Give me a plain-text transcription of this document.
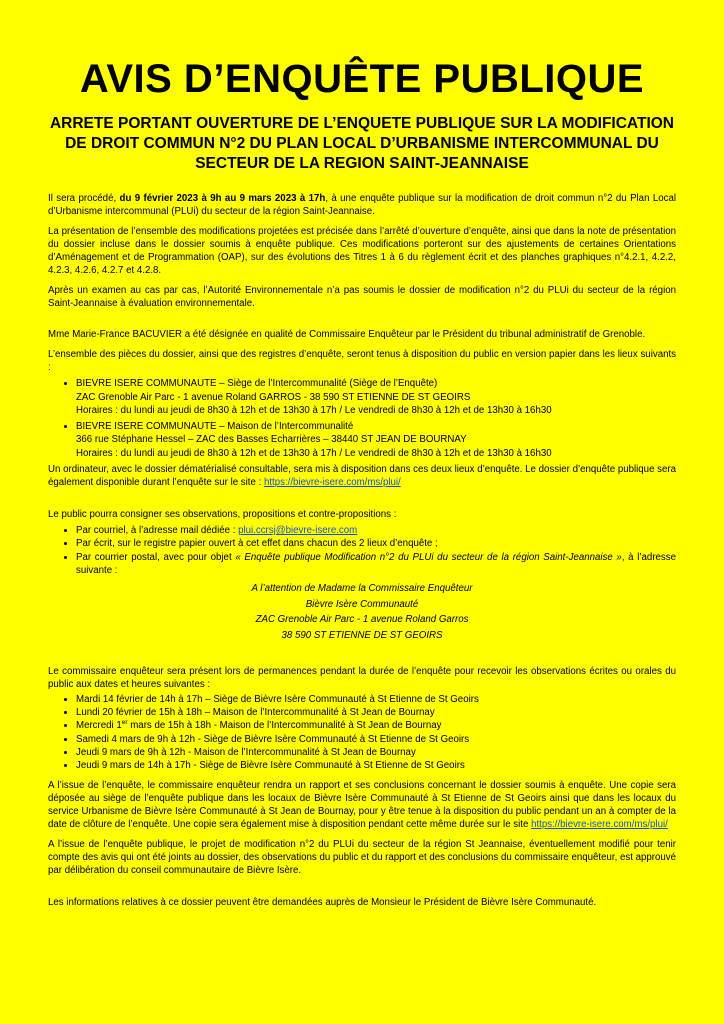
AVIS D’ENQUÊTE PUBLIQUE
ARRETE PORTANT OUVERTURE DE L’ENQUETE PUBLIQUE SUR LA MODIFICATION DE DROIT COMMUN N°2 DU PLAN LOCAL D’URBANISME INTERCOMMUNAL DU SECTEUR DE LA REGION SAINT-JEANNAISE

Il sera procédé, du 9 février 2023 à 9h au 9 mars 2023 à 17h, à une enquête publique sur la modification de droit commun n°2 du Plan Local d’Urbanisme intercommunal (PLUi) du secteur de la région Saint-Jeannaise.

La présentation de l’ensemble des modifications projetées est précisée dans l’arrêté d’ouverture d’enquête, ainsi que dans la note de présentation du dossier incluse dans le dossier soumis à enquête publique. Ces modifications porteront sur des ajustements de certaines Orientations d’Aménagement et de Programmation (OAP), sur des évolutions des Titres 1 à 6 du règlement écrit et des planches graphiques n°4.2.1, 4.2.2, 4.2.3, 4.2.6, 4.2.7 et 4.2.8.

Après un examen au cas par cas, l’Autorité Environnementale n’a pas soumis le dossier de modification n°2 du PLUi du secteur de la région Saint-Jeannaise à évaluation environnementale.

Mme Marie-France BACUVIER a été désignée en qualité de Commissaire Enquêteur par le Président du tribunal administratif de Grenoble.

L’ensemble des pièces du dossier, ainsi que des registres d’enquête, seront tenus à disposition du public en version papier dans les lieux suivants :

• BIEVRE ISERE COMMUNAUTE – Siège de l’Intercommunalité (Siège de l’Enquête)
ZAC Grenoble Air Parc - 1 avenue Roland GARROS - 38 590 ST ETIENNE DE ST GEOIRS
Horaires : du lundi au jeudi de 8h30 à 12h et de 13h30 à 17h / Le vendredi de 8h30 à 12h et de 13h30 à 16h30
• BIEVRE ISERE COMMUNAUTE – Maison de l’Intercommunalité
366 rue Stéphane Hessel – ZAC des Basses Echarrières – 38440 ST JEAN DE BOURNAY
Horaires : du lundi au jeudi de 8h30 à 12h et de 13h30 à 17h / Le vendredi de 8h30 à 12h et de 13h30 à 16h30

Un ordinateur, avec le dossier dématérialisé consultable, sera mis à disposition dans ces deux lieux d’enquête. Le dossier d’enquête publique sera également disponible durant l’enquête sur le site : https://bievre-isere.com/ms/plui/

Le public pourra consigner ses observations, propositions et contre-propositions :

• Par courriel, à l’adresse mail dédiée : plui.ccrsj@bievre-isere.com
• Par écrit, sur le registre papier ouvert à cet effet dans chacun des 2 lieux d’enquête ;
• Par courrier postal, avec pour objet « Enquête publique Modification n°2 du PLUi du secteur de la région Saint-Jeannaise », à l’adresse suivante :
A l’attention de Madame la Commissaire Enquêteur
Bièvre Isère Communauté
ZAC Grenoble Air Parc - 1 avenue Roland Garros
38 590 ST ETIENNE DE ST GEOIRS

Le commissaire enquêteur sera présent lors de permanences pendant la durée de l’enquête pour recevoir les observations écrites ou orales du public aux dates et heures suivantes :

• Mardi 14 février de 14h à 17h – Siège de Bièvre Isère Communauté à St Etienne de St Geoirs
• Lundi 20 février de 15h à 18h – Maison de l’Intercommunalité à St Jean de Bournay
• Mercredi 1er mars de 15h à 18h - Maison de l’Intercommunalité à St Jean de Bournay
• Samedi 4 mars de 9h à 12h - Siège de Bièvre Isère Communauté à St Etienne de St Geoirs
• Jeudi 9 mars de 9h à 12h - Maison de l’Intercommunalité à St Jean de Bournay
• Jeudi 9 mars de 14h à 17h - Siège de Bièvre Isère Communauté à St Etienne de St Geoirs

A l’issue de l’enquête, le commissaire enquêteur rendra un rapport et ses conclusions concernant le dossier soumis à enquête. Une copie sera déposée au siège de l’enquête publique dans les locaux de Bièvre Isère Communauté à St Etienne de St Geoirs ainsi que dans les locaux du service Urbanisme de Bièvre Isère Communauté à St Jean de Bournay, pour y être tenue à la disposition du public pendant un an à compter de la date de clôture de l’enquête. Une copie sera également mise à disposition pendant cette même durée sur le site https://bievre-isere.com/ms/plui/

A l’issue de l’enquête publique, le projet de modification n°2 du PLUi du secteur de la région St Jeannaise, éventuellement modifié pour tenir compte des avis qui ont été joints au dossier, des observations du public et du rapport et des conclusions du commissaire enquêteur, est approuvé par délibération du conseil communautaire de Bièvre Isère.

Les informations relatives à ce dossier peuvent être demandées auprès de Monsieur le Président de Bièvre Isère Communauté.
